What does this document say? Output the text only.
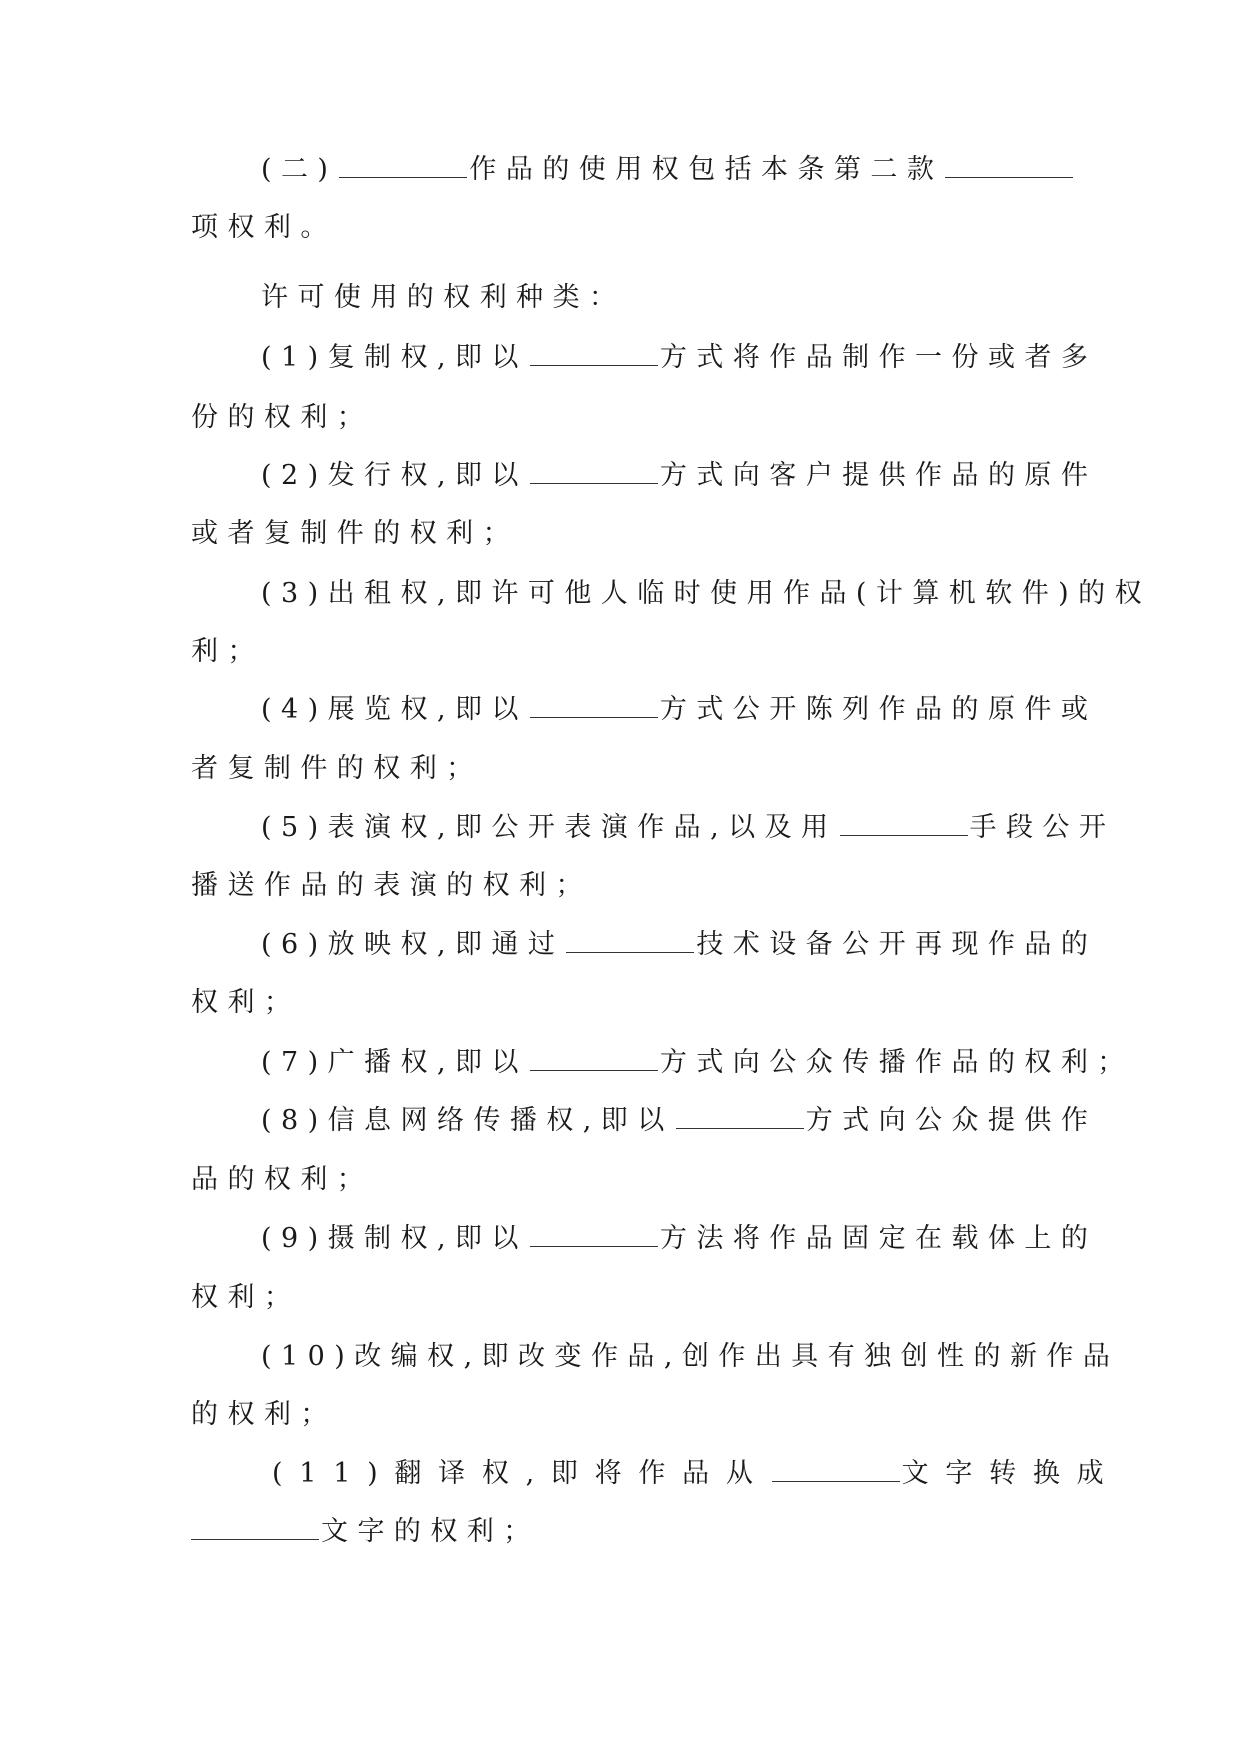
(二)	作品的使用权包括本条第二款
项权利。
许可使用的权利种类：
(1)复制权,即以	方式将作品制作一份或者多
份的权利；
(2)发行权,即以	方式向客户提供作品的原件
或者复制件的权利；
(3)出租权,即许可他人临时使用作品(计算机软件)的权
利；
(4)展览权,即以	方式公开陈列作品的原件或
者复制件的权利；
(5)表演权,即公开表演作品,以及用	手段公开
播送作品的表演的权利；
(6)放映权,即通过	技术设备公开再现作品的
权利；
(7)广播权,即以	方式向公众传播作品的权利；
(8)信息网络传播权,即以	方式向公众提供作
品的权利；
(9)摄制权,即以	方法将作品固定在载体上的
权利；
(10)改编权,即改变作品,创作出具有独创性的新作品
的权利；
(11)翻译权,即将作品从	文字转换成
文字的权利；
